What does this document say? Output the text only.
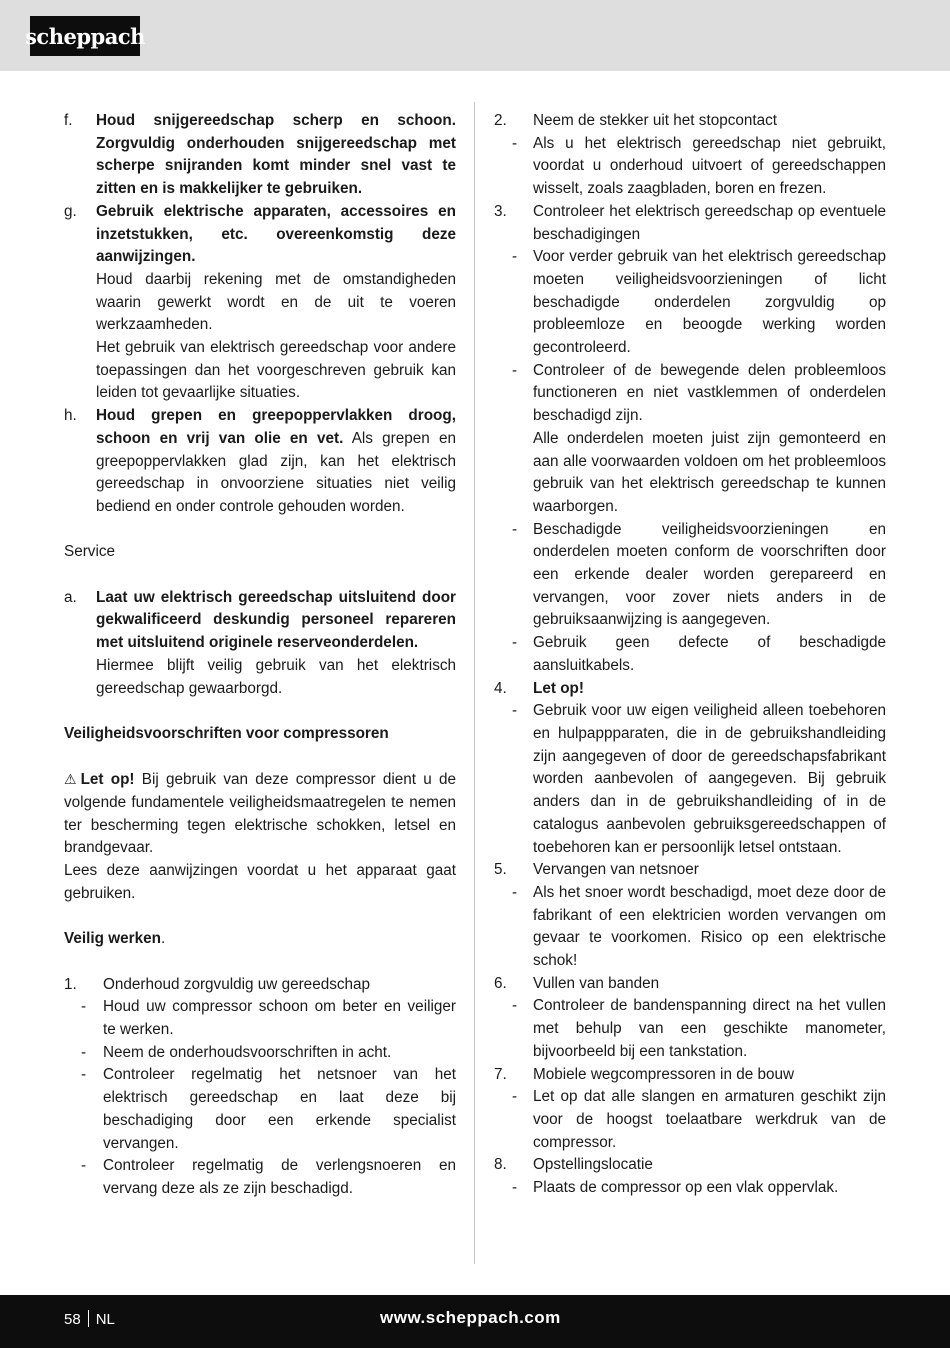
scheppach
f.	Houd snijgereedschap scherp en schoon. Zorgvuldig onderhouden snijgereedschap met scherpe snijranden komt minder snel vast te zitten en is makkelijker te gebruiken.

g.	Gebruik elektrische apparaten, accessoires en inzetstukken, etc. overeenkomstig deze aanwijzingen.

Houd daarbij rekening met de omstandigheden waarin gewerkt wordt en de uit te voeren werkzaamheden.

Het gebruik van elektrisch gereedschap voor andere toepassingen dan het voorgeschreven gebruik kan leiden tot gevaarlijke situaties.

h.	Houd grepen en greepoppervlakken droog, schoon en vrij van olie en vet. Als grepen en greepoppervlakken glad zijn, kan het elektrisch gereedschap in onvoorziene situaties niet veilig bediend en onder controle gehouden worden.

Service

a.	Laat uw elektrisch gereedschap uitsluitend door gekwalificeerd deskundig personeel repareren met uitsluitend originele reserveonderdelen.

Hiermee blijft veilig gebruik van het elektrisch gereedschap gewaarborgd.

Veiligheidsvoorschriften voor compressoren

⚠ Let op! Bij gebruik van deze compressor dient u de volgende fundamentele veiligheidsmaatregelen te nemen ter bescherming tegen elektrische schokken, letsel en brandgevaar.

Lees deze aanwijzingen voordat u het apparaat gaat gebruiken.

Veilig werken.

1.	Onderhoud zorgvuldig uw gereedschap

-	Houd uw compressor schoon om beter en veiliger te werken.

-	Neem de onderhoudsvoorschriften in acht.

-	Controleer regelmatig het netsnoer van het elektrisch gereedschap en laat deze bij beschadiging door een erkende specialist vervangen.

-	Controleer regelmatig de verlengsnoeren en vervang deze als ze zijn beschadigd.

2.	Neem de stekker uit het stopcontact

-	Als u het elektrisch gereedschap niet gebruikt, voordat u onderhoud uitvoert of gereedschappen wisselt, zoals zaagbladen, boren en frezen.

3.	Controleer het elektrisch gereedschap op eventuele beschadigingen

-	Voor verder gebruik van het elektrisch gereedschap moeten veiligheidsvoorzieningen of licht beschadigde onderdelen zorgvuldig op probleemloze en beoogde werking worden gecontroleerd.

-	Controleer of de bewegende delen probleemloos functioneren en niet vastklemmen of onderdelen beschadigd zijn.

Alle onderdelen moeten juist zijn gemonteerd en aan alle voorwaarden voldoen om het probleemloos gebruik van het elektrisch gereedschap te kunnen waarborgen.

-	Beschadigde veiligheidsvoorzieningen en onderdelen moeten conform de voorschriften door een erkende dealer worden gerepareerd en vervangen, voor zover niets anders in de gebruiksaanwijzing is aangegeven.

-	Gebruik geen defecte of beschadigde aansluitkabels.

4.	Let op!

-	Gebruik voor uw eigen veiligheid alleen toebehoren en hulpappparaten, die in de gebruikshandleiding zijn aangegeven of door de gereedschapsfabrikant worden aanbevolen of aangegeven. Bij gebruik anders dan in de gebruikshandleiding of in de catalogus aanbevolen gebruiksgereedschappen of toebehoren kan er persoonlijk letsel ontstaan.

5.	Vervangen van netsnoer

-	Als het snoer wordt beschadigd, moet deze door de fabrikant of een elektricien worden vervangen om gevaar te voorkomen. Risico op een elektrische schok!

6.	Vullen van banden

-	Controleer de bandenspanning direct na het vullen met behulp van een geschikte manometer, bijvoorbeeld bij een tankstation.

7.	Mobiele wegcompressoren in de bouw

-	Let op dat alle slangen en armaturen geschikt zijn voor de hoogst toelaatbare werkdruk van de compressor.

8.	Opstellingslocatie

-	Plaats de compressor op een vlak oppervlak.

58 NL	www.scheppach.com
